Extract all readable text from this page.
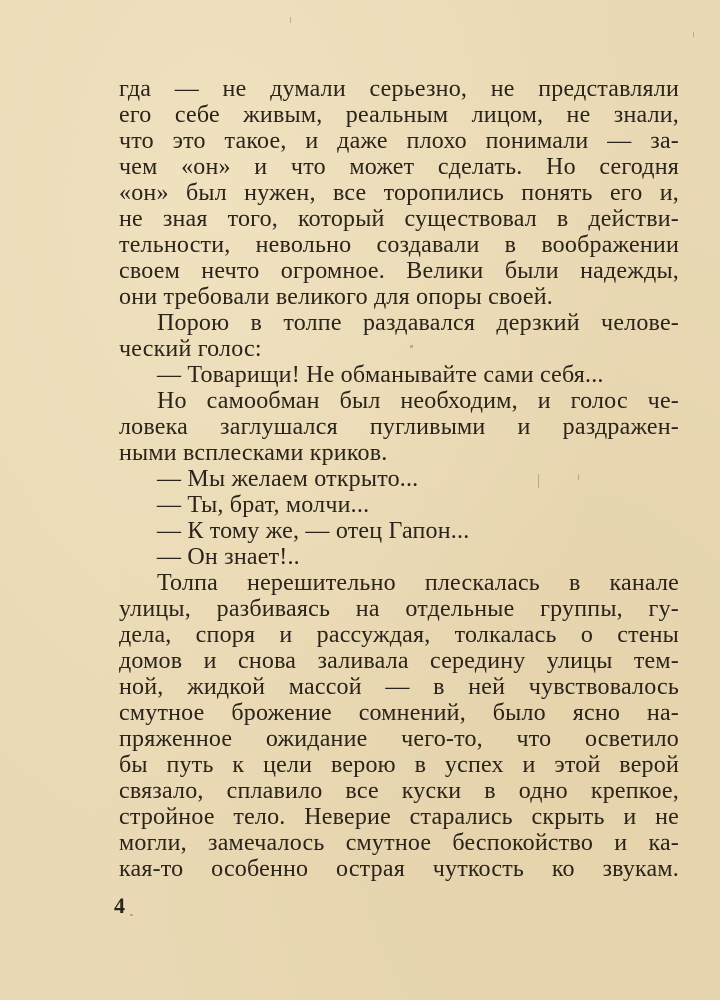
гда — не думали серьезно, не представляли
его себе живым, реальным лицом, не знали,
что это такое, и даже плохо понимали — за-
чем «он» и что может сделать. Но сегодня
«он» был нужен, все торопились понять его и,
не зная того, который существовал в действи-
тельности, невольно создавали в воображении
своем нечто огромное. Велики были надежды,
они требовали великого для опоры своей.
Порою в толпе раздавался дерзкий челове-
ческий голос:
— Товарищи! Не обманывайте сами себя...
Но самообман был необходим, и голос че-
ловека заглушался пугливыми и раздражен-
ными всплесками криков.
— Мы желаем открыто...
— Ты, брат, молчи...
— К тому же, — отец Гапон...
— Он знает!..
Толпа нерешительно плескалась в канале
улицы, разбиваясь на отдельные группы, гу-
дела, споря и рассуждая, толкалась о стены
домов и снова заливала середину улицы тем-
ной, жидкой массой — в ней чувствовалось
смутное брожение сомнений, было ясно на-
пряженное ожидание чего-то, что осветило
бы путь к цели верою в успех и этой верой
связало, сплавило все куски в одно крепкое,
стройное тело. Неверие старались скрыть и не
могли, замечалось смутное беспокойство и ка-
кая-то особенно острая чуткость ко звукам.
4
